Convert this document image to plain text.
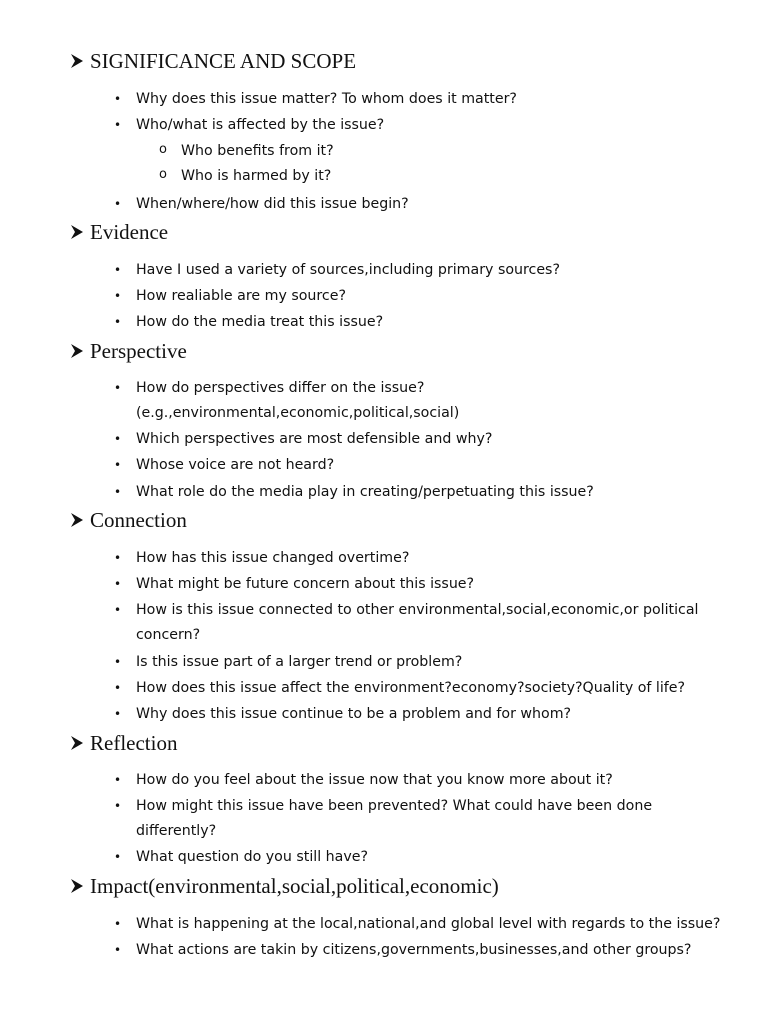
SIGNIFICANCE AND SCOPE
• Why does this issue matter? To whom does it matter?
• Who/what is affected by the issue?
o Who benefits from it?
o Who is harmed by it?
• When/where/how did this issue begin?
Evidence
• Have I used a variety of sources,including primary sources?
• How realiable are my source?
• How do the media treat this issue?
Perspective
• How do perspectives differ on the issue?
(e.g.,environmental,economic,political,social)
• Which perspectives are most defensible and why?
• Whose voice are not heard?
• What role do the media play in creating/perpetuating this issue?
Connection
• How has this issue changed overtime?
• What might be future concern about this issue?
• How is this issue connected to other environmental,social,economic,or political
concern?
• Is this issue part of a larger trend or problem?
• How does this issue affect the environment?economy?society?Quality of life?
• Why does this issue continue to be a problem and for whom?
Reflection
• How do you feel about the issue now that you know more about it?
• How might this issue have been prevented? What could have been done
differently?
• What question do you still have?
Impact(environmental,social,political,economic)
• What is happening at the local,national,and global level with regards to the issue?
• What actions are takin by citizens,governments,businesses,and other groups?
